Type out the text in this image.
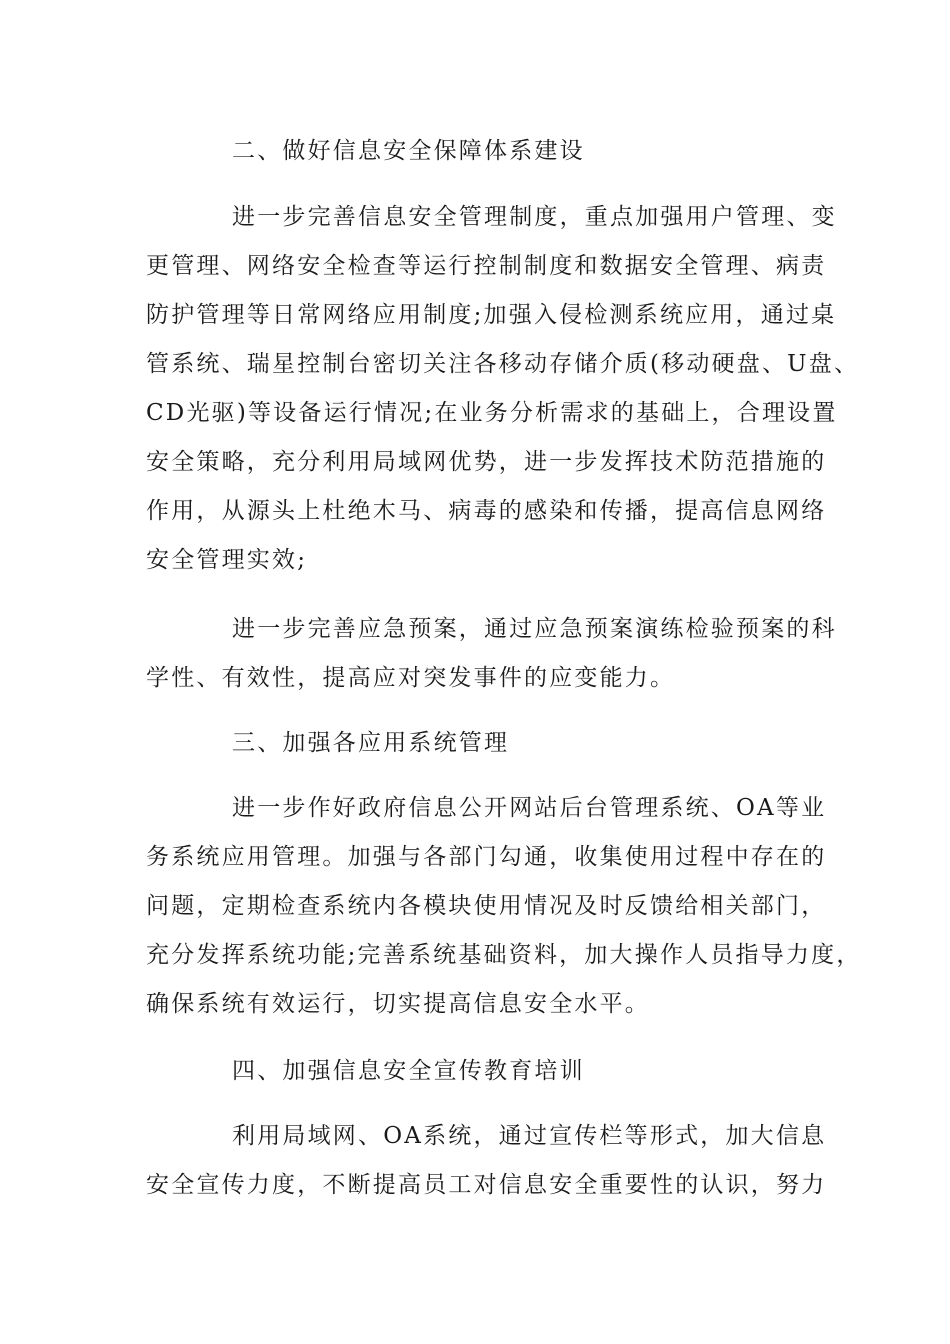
二、做好信息安全保障体系建设
进一步完善信息安全管理制度，重点加强用户管理、变
更管理、网络安全检查等运行控制制度和数据安全管理、病责
防护管理等日常网络应用制度;加强入侵检测系统应用，通过桌
管系统、瑞星控制台密切关注各移动存储介质(移动硬盘、U盘、
CD光驱)等设备运行情况;在业务分析需求的基础上，合理设置
安全策略，充分利用局域网优势，进一步发挥技术防范措施的
作用，从源头上杜绝木马、病毒的感染和传播，提高信息网络
安全管理实效;
进一步完善应急预案，通过应急预案演练检验预案的科
学性、有效性，提高应对突发事件的应变能力。
三、加强各应用系统管理
进一步作好政府信息公开网站后台管理系统、OA等业
务系统应用管理。加强与各部门勾通，收集使用过程中存在的
问题，定期检查系统内各模块使用情况及时反馈给相关部门，
充分发挥系统功能;完善系统基础资料，加大操作人员指导力度，
确保系统有效运行，切实提高信息安全水平。
四、加强信息安全宣传教育培训
利用局域网、OA系统，通过宣传栏等形式，加大信息
安全宣传力度，不断提高员工对信息安全重要性的认识，努力
